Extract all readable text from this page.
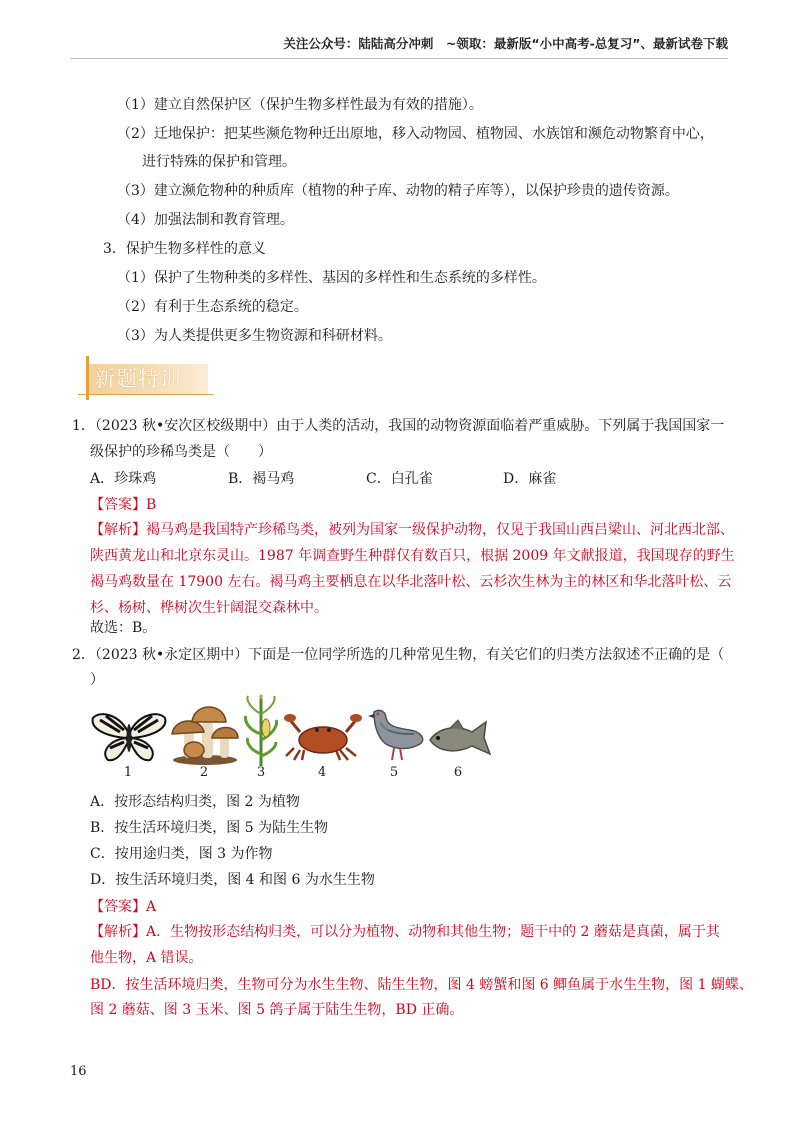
关注公众号：陆陆高分冲刺　~领取：最新版“小中高考-总复习”、最新试卷下载
（1）建立自然保护区（保护生物多样性最为有效的措施）。
（2）迁地保护：把某些濒危物种迁出原地，移入动物园、植物园、水族馆和濒危动物繁育中心，
进行特殊的保护和管理。
（3）建立濒危物种的种质库（植物的种子库、动物的精子库等），以保护珍贵的遗传资源。
（4）加强法制和教育管理。
3．保护生物多样性的意义
（1）保护了生物种类的多样性、基因的多样性和生态系统的多样性。
（2）有利于生态系统的稳定。
（3）为人类提供更多生物资源和科研材料。
新题特训
1．（2023 秋•安次区校级期中）由于人类的活动，我国的动物资源面临着严重威胁。下列属于我国国家一
级保护的珍稀鸟类是（　　）
A．珍珠鸡	B．褐马鸡	C．白孔雀	D．麻雀
【答案】B
【解析】褐马鸡是我国特产珍稀鸟类，被列为国家一级保护动物，仅见于我国山西吕梁山、河北西北部、
陕西黄龙山和北京东灵山。1987 年调查野生种群仅有数百只，根据 2009 年文献报道，我国现存的野生
褐马鸡数量在 17900 左右。褐马鸡主要栖息在以华北落叶松、云杉次生林为主的林区和华北落叶松、云
杉、杨树、桦树次生针阔混交森林中。
故选：B。
2．（2023 秋•永定区期中）下面是一位同学所选的几种常见生物，有关它们的归类方法叙述不正确的是（
）
1	2	3	4	5	6
A．按形态结构归类，图 2 为植物
B．按生活环境归类，图 5 为陆生生物
C．按用途归类，图 3 为作物
D．按生活环境归类，图 4 和图 6 为水生生物
【答案】A
【解析】A．生物按形态结构归类，可以分为植物、动物和其他生物；题干中的 2 蘑菇是真菌，属于其
他生物，A 错误。
BD．按生活环境归类，生物可分为水生生物、陆生生物，图 4 螃蟹和图 6 鲫鱼属于水生生物，图 1 蝴蝶、
图 2 蘑菇、图 3 玉米、图 5 鸽子属于陆生生物，BD 正确。
16
